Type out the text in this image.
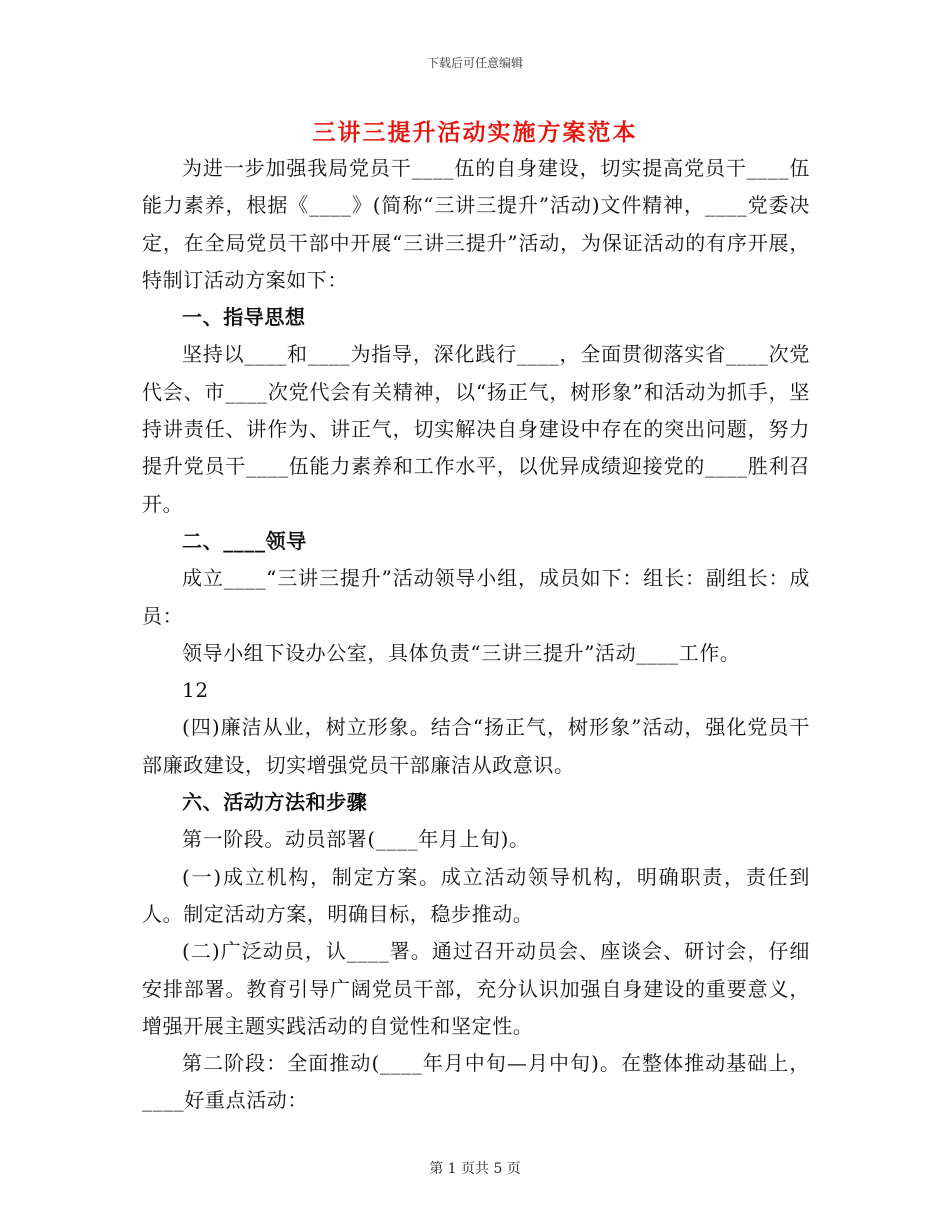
下载后可任意编辑
三讲三提升活动实施方案范本

为进一步加强我局党员干____伍的自身建设，切实提高党员干____伍能力素养，根据《____》(简称“三讲三提升”活动)文件精神，____党委决定，在全局党员干部中开展“三讲三提升”活动，为保证活动的有序开展，特制订活动方案如下：

一、指导思想

坚持以____和____为指导，深化践行____，全面贯彻落实省____次党代会、市____次党代会有关精神，以“扬正气，树形象”和活动为抓手，坚持讲责任、讲作为、讲正气，切实解决自身建设中存在的突出问题，努力提升党员干____伍能力素养和工作水平，以优异成绩迎接党的____胜利召开。

二、____领导

成立____“三讲三提升”活动领导小组，成员如下：组长：副组长：成员：

领导小组下设办公室，具体负责“三讲三提升”活动____工作。

12

(四)廉洁从业，树立形象。结合“扬正气，树形象”活动，强化党员干部廉政建设，切实增强党员干部廉洁从政意识。

六、活动方法和步骤

第一阶段。动员部署(____年月上旬)。

(一)成立机构，制定方案。成立活动领导机构，明确职责，责任到人。制定活动方案，明确目标，稳步推动。

(二)广泛动员，认____署。通过召开动员会、座谈会、研讨会，仔细安排部署。教育引导广阔党员干部，充分认识加强自身建设的重要意义，增强开展主题实践活动的自觉性和坚定性。

第二阶段：全面推动(____年月中旬—月中旬)。在整体推动基础上，____好重点活动：

第 1 页共 5 页
